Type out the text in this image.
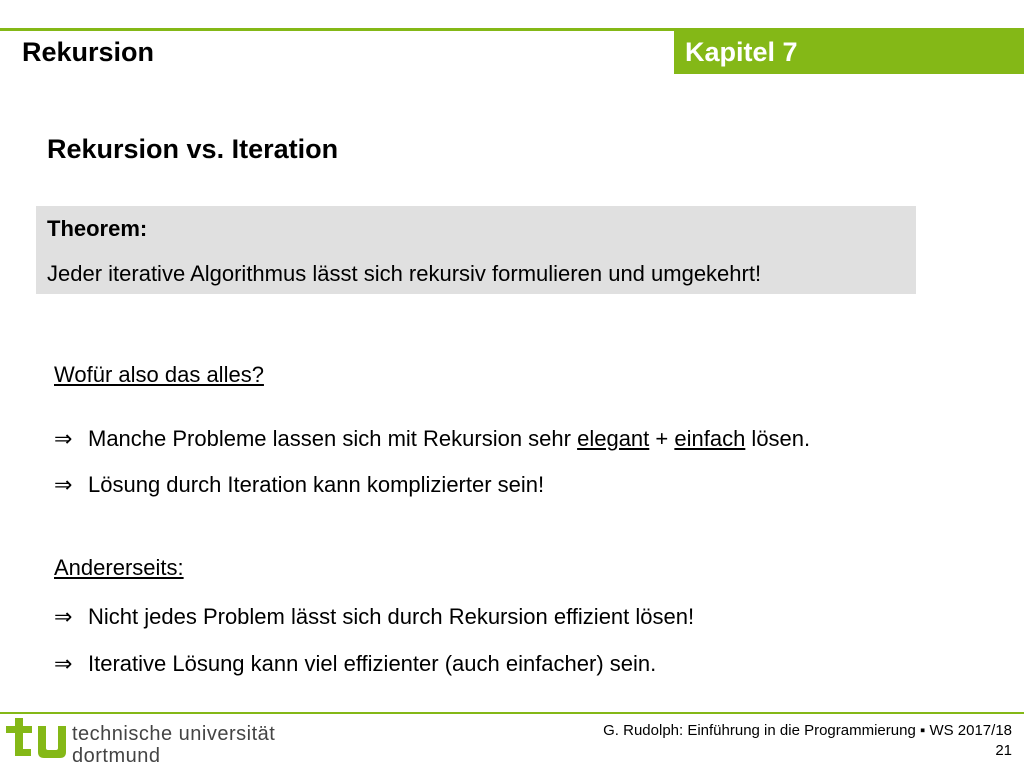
Rekursion	Kapitel 7
Rekursion vs. Iteration
Theorem:
Jeder iterative Algorithmus lässt sich rekursiv formulieren und umgekehrt!
Wofür also das alles?
⇒ Manche Probleme lassen sich mit Rekursion sehr elegant + einfach lösen.
⇒ Lösung durch Iteration kann komplizierter sein!
Andererseits:
⇒ Nicht jedes Problem lässt sich durch Rekursion effizient lösen!
⇒ Iterative Lösung kann viel effizienter (auch einfacher) sein.
tu
technische universität
dortmund
G. Rudolph: Einführung in die Programmierung ▪ WS 2017/18
21
